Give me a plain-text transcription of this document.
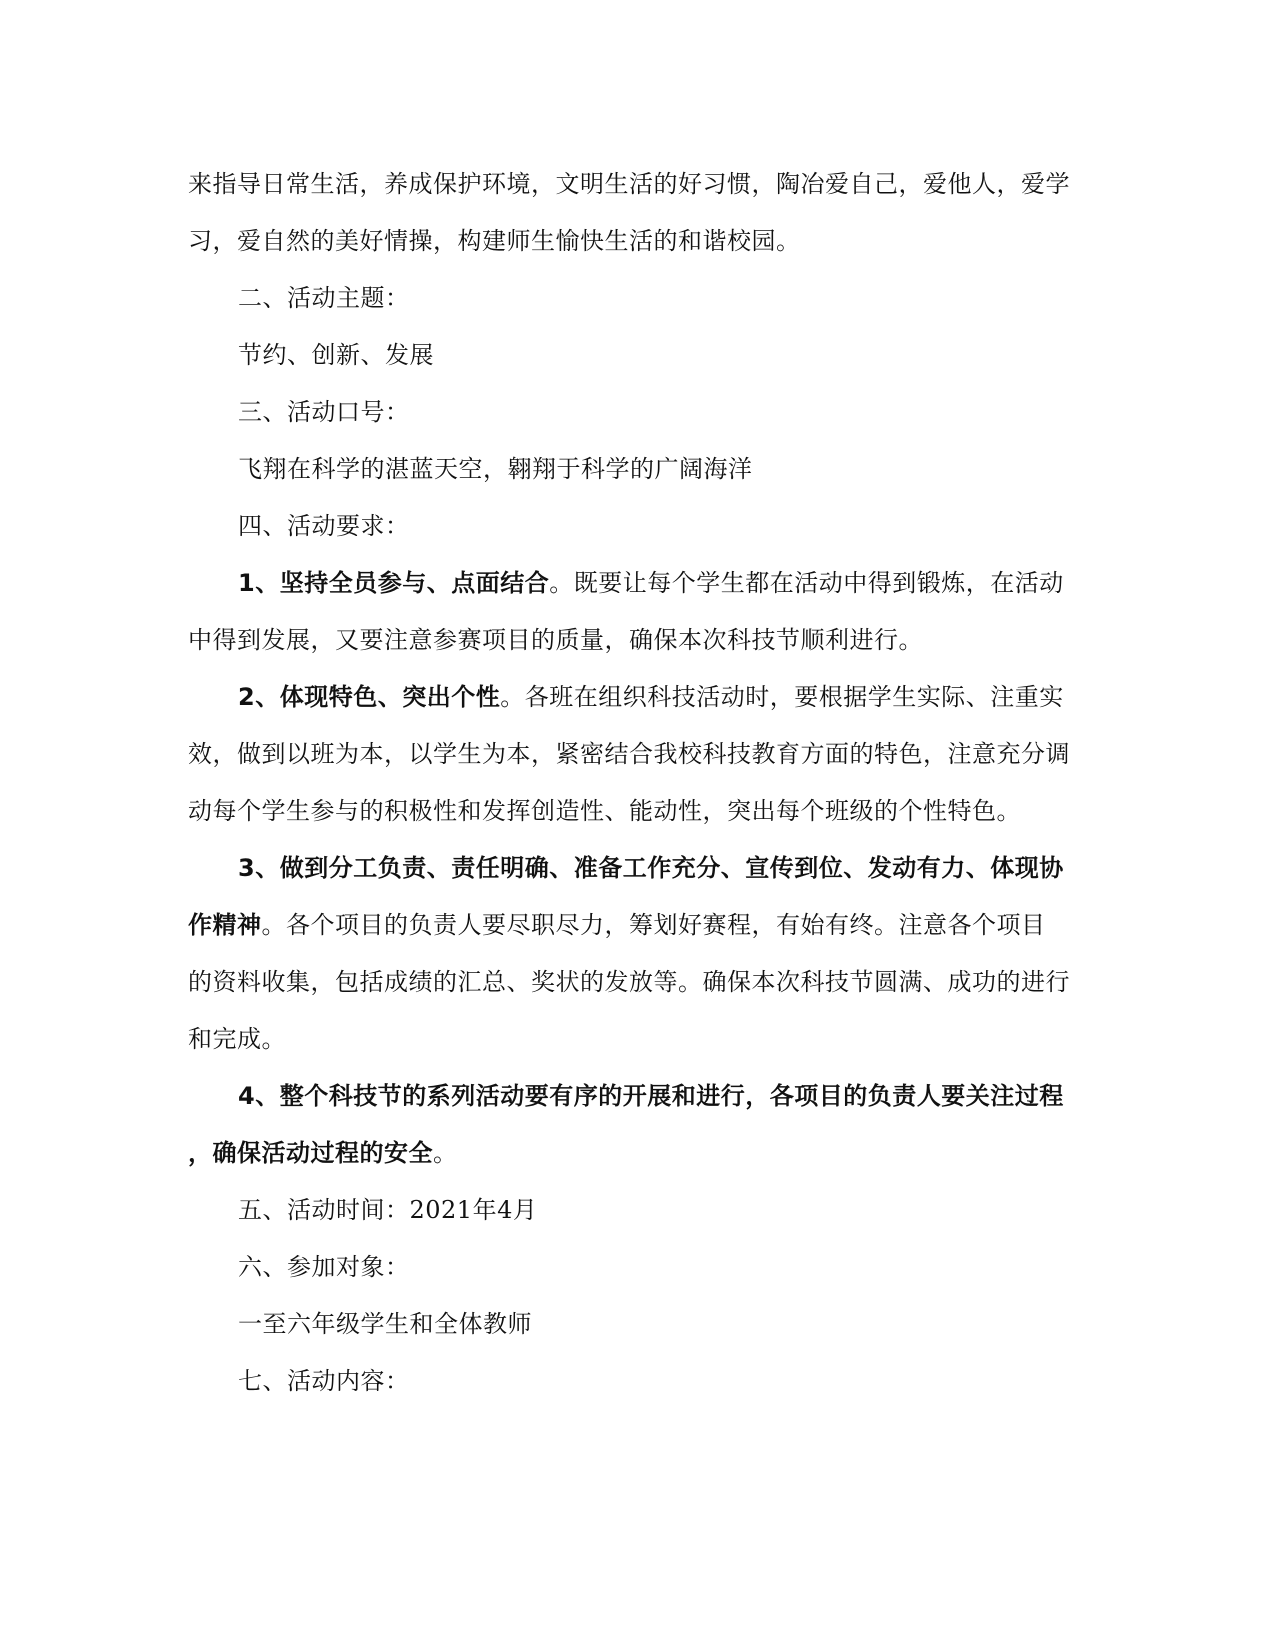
来指导日常生活，养成保护环境，文明生活的好习惯，陶冶爱自己，爱他人，爱学
习，爱自然的美好情操，构建师生愉快生活的和谐校园。
二、活动主题：
节约、创新、发展
三、活动口号：
飞翔在科学的湛蓝天空，翱翔于科学的广阔海洋
四、活动要求：
1、坚持全员参与、点面结合。既要让每个学生都在活动中得到锻炼，在活动
中得到发展，又要注意参赛项目的质量，确保本次科技节顺利进行。
2、体现特色、突出个性。各班在组织科技活动时，要根据学生实际、注重实
效，做到以班为本，以学生为本，紧密结合我校科技教育方面的特色，注意充分调
动每个学生参与的积极性和发挥创造性、能动性，突出每个班级的个性特色。
3、做到分工负责、责任明确、准备工作充分、宣传到位、发动有力、体现协
作精神。各个项目的负责人要尽职尽力，筹划好赛程，有始有终。注意各个项目
的资料收集，包括成绩的汇总、奖状的发放等。确保本次科技节圆满、成功的进行
和完成。
4、整个科技节的系列活动要有序的开展和进行，各项目的负责人要关注过程
，确保活动过程的安全。
五、活动时间：2021年4月
六、参加对象：
一至六年级学生和全体教师
七、活动内容：
